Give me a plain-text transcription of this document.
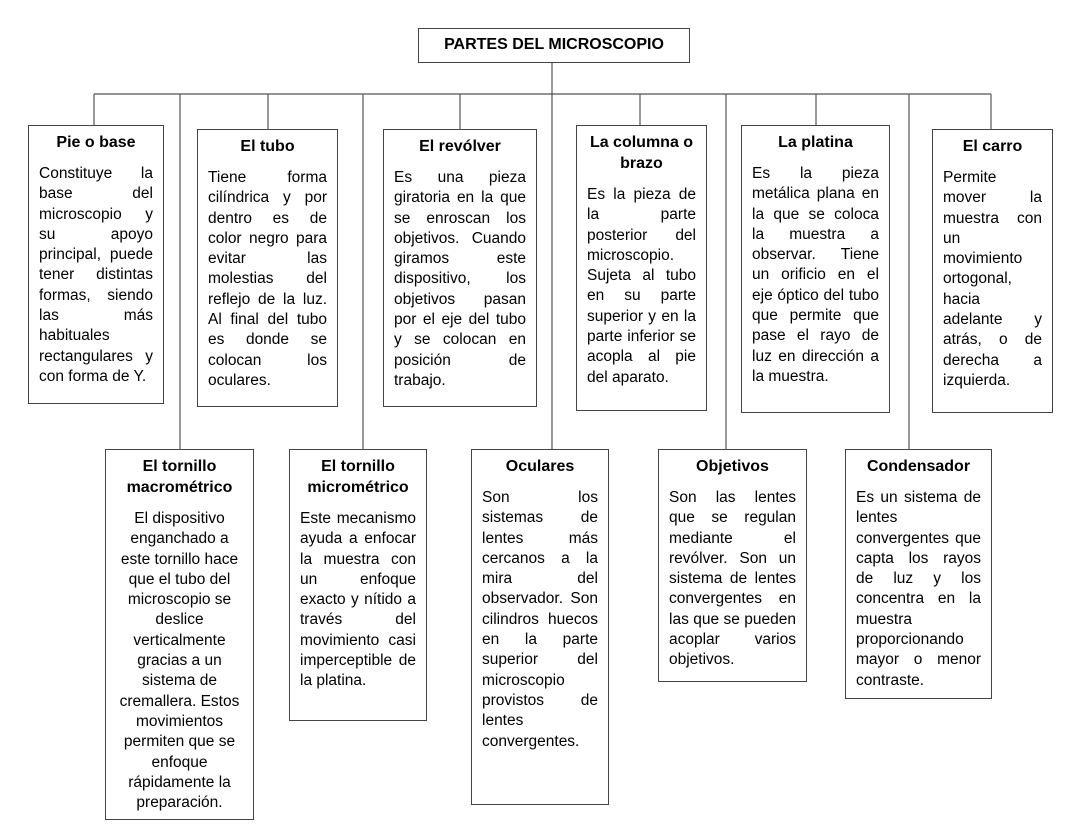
PARTES DEL MICROSCOPIO
Pie o base

Constituye la base del microscopio y su apoyo principal, puede tener distintas formas, siendo las más habituales rectangulares y con forma de Y.

El tubo

Tiene forma cilíndrica y por dentro es de color negro para evitar las molestias del reflejo de la luz. Al final del tubo es donde se colocan los oculares.

El revólver

Es una pieza giratoria en la que se enroscan los objetivos. Cuando giramos este dispositivo, los objetivos pasan por el eje del tubo y se colocan en posición de trabajo.

La columna o brazo

Es la pieza de la parte posterior del microscopio. Sujeta al tubo en su parte superior y en la parte inferior se acopla al pie del aparato.

La platina

Es la pieza metálica plana en la que se coloca la muestra a observar. Tiene un orificio en el eje óptico del tubo que permite que pase el rayo de luz en dirección a la muestra.

El carro

Permite mover la muestra con un movimiento ortogonal, hacia adelante y atrás, o de derecha a izquierda.

El tornillo macrométrico

El dispositivo enganchado a este tornillo hace que el tubo del microscopio se deslice verticalmente gracias a un sistema de cremallera. Estos movimientos permiten que se enfoque rápidamente la preparación.

El tornillo micrométrico

Este mecanismo ayuda a enfocar la muestra con un enfoque exacto y nítido a través del movimiento casi imperceptible de la platina.

Oculares

Son los sistemas de lentes más cercanos a la mira del observador. Son cilindros huecos en la parte superior del microscopio provistos de lentes convergentes.

Objetivos

Son las lentes que se regulan mediante el revólver. Son un sistema de lentes convergentes en las que se pueden acoplar varios objetivos.

Condensador

Es un sistema de lentes convergentes que capta los rayos de luz y los concentra en la muestra proporcionando mayor o menor contraste.
